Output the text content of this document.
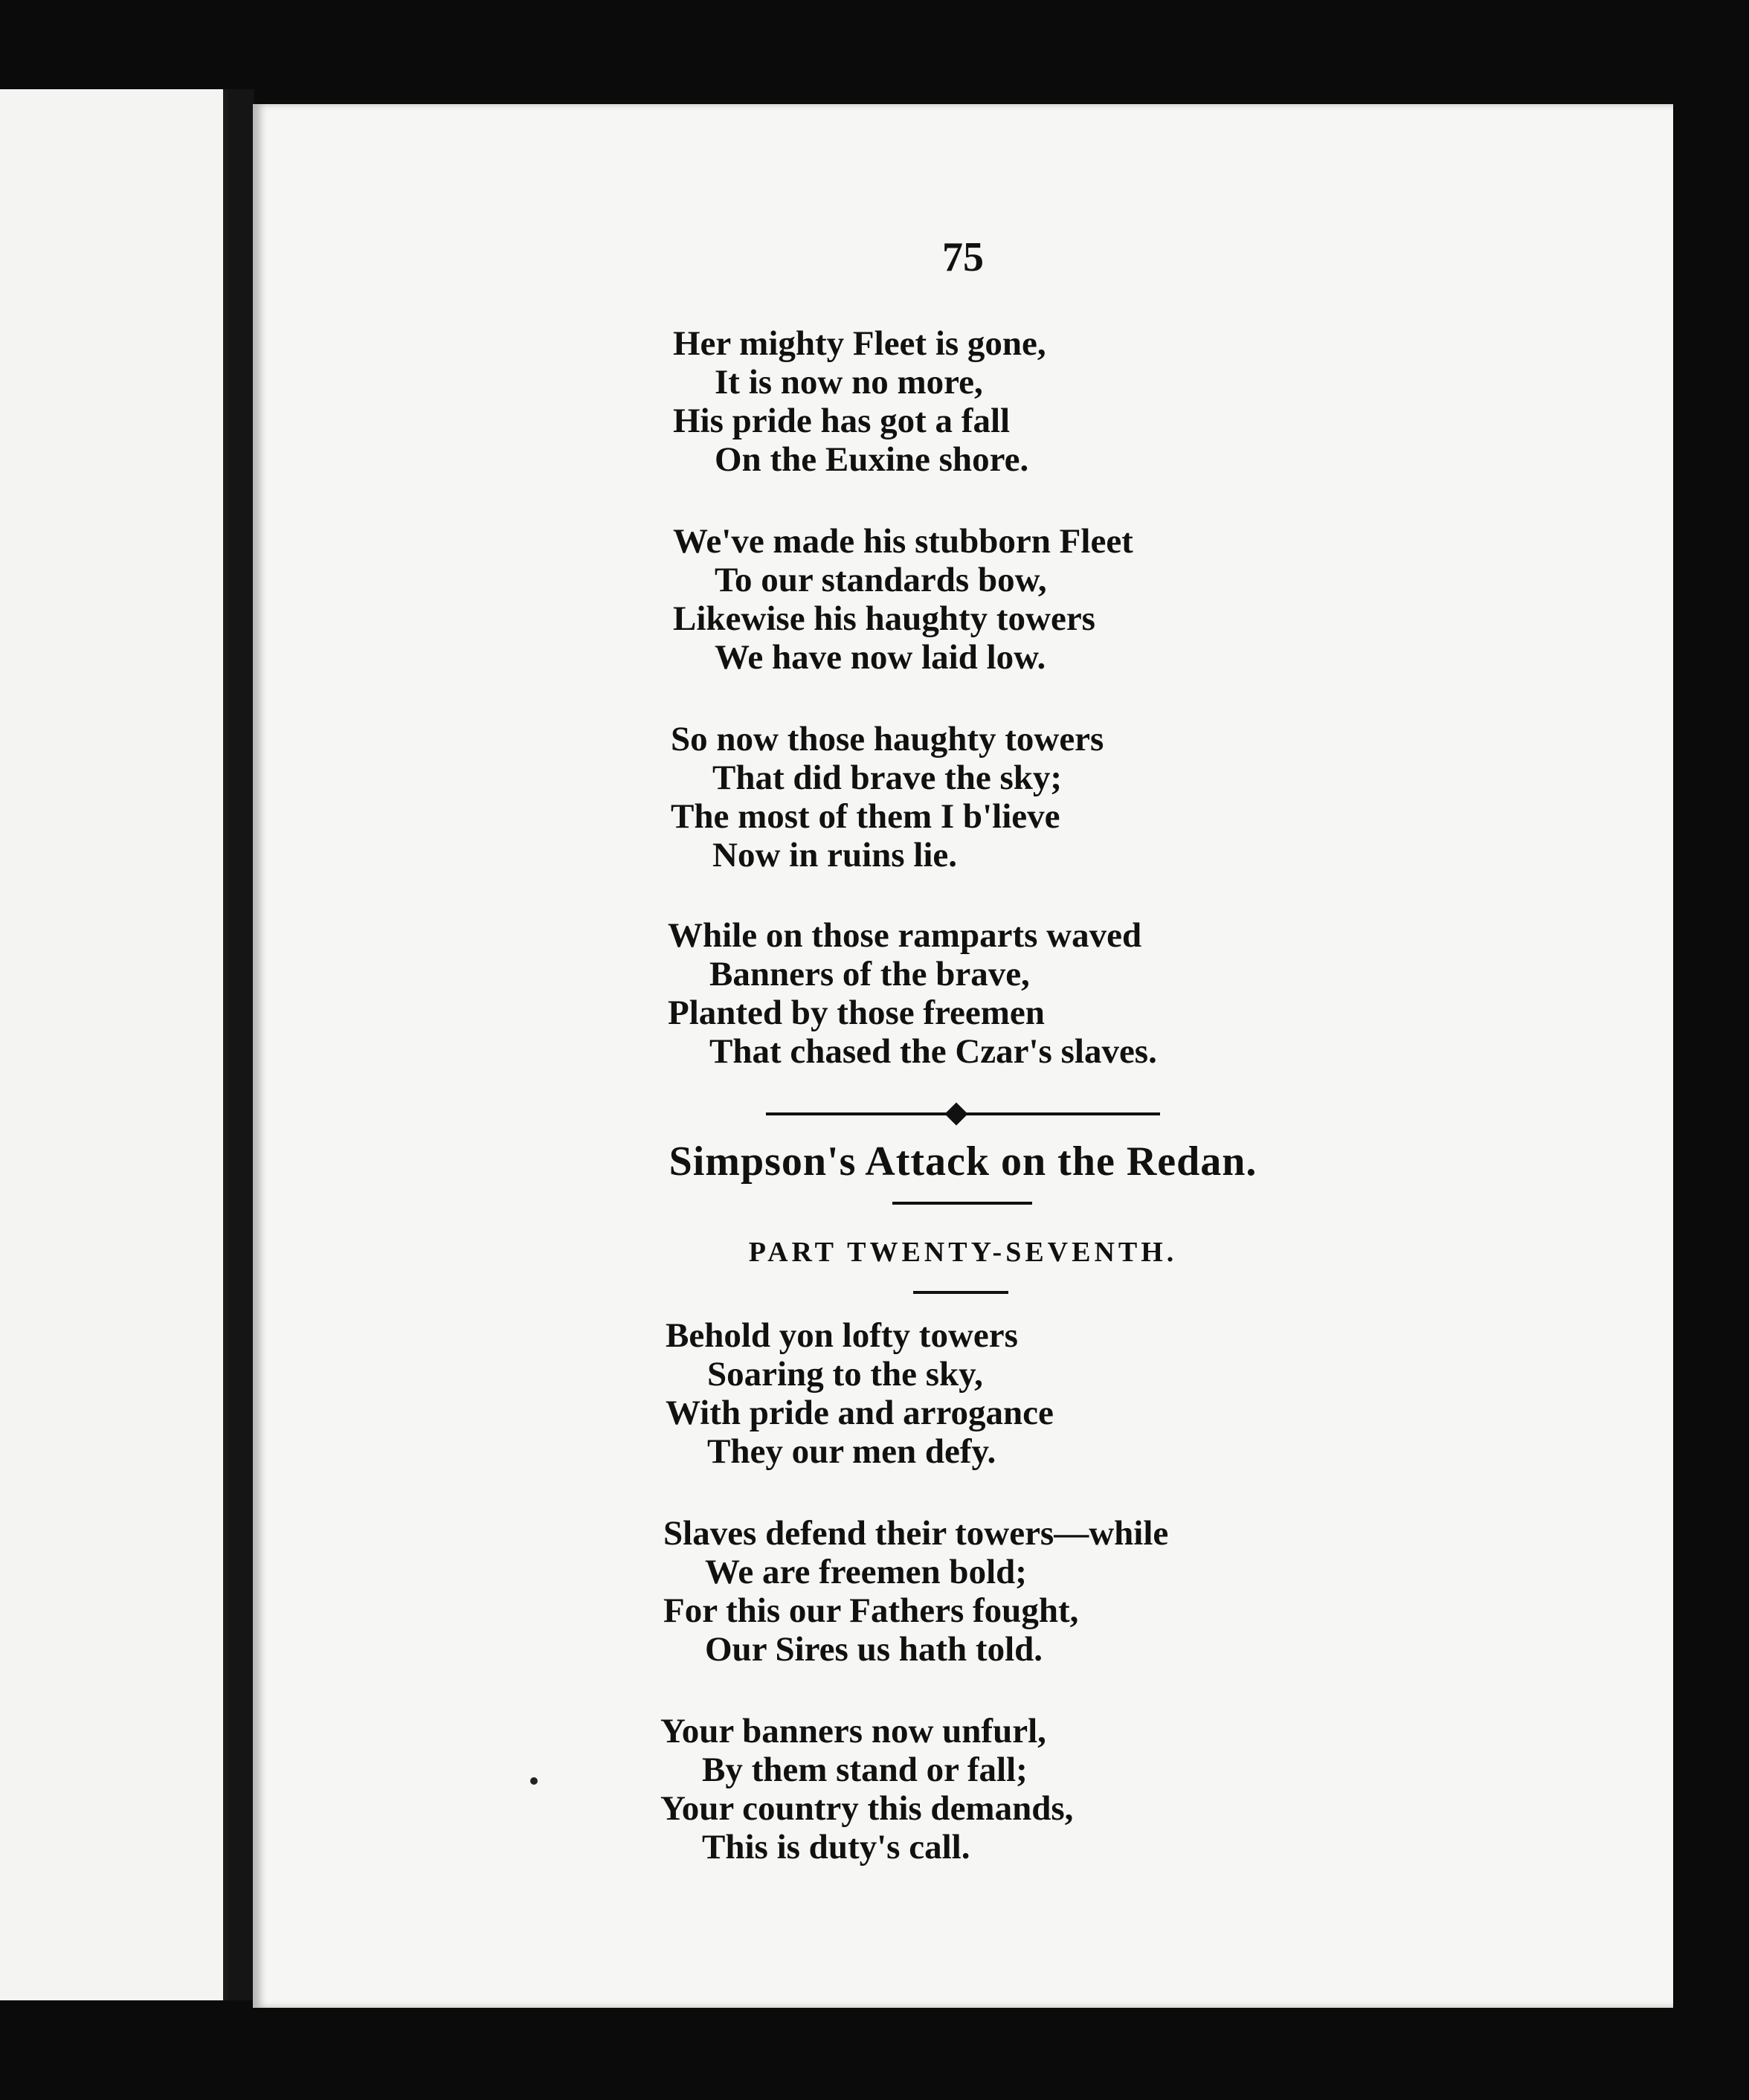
75

Her mighty Fleet is gone,
It is now no more,
His pride has got a fall
On the Euxine shore.
We've made his stubborn Fleet
To our standards bow,
Likewise his haughty towers
We have now laid low.
So now those haughty towers
That did brave the sky;
The most of them I b'lieve
Now in ruins lie.
While on those ramparts waved
Banners of the brave,
Planted by those freemen
That chased the Czar's slaves.

Simpson's Attack on the Redan.

PART TWENTY-SEVENTH.

Behold yon lofty towers
Soaring to the sky,
With pride and arrogance
They our men defy.
Slaves defend their towers—while
We are freemen bold;
For this our Fathers fought,
Our Sires us hath told.
Your banners now unfurl,
By them stand or fall;
Your country this demands,
This is duty's call.
